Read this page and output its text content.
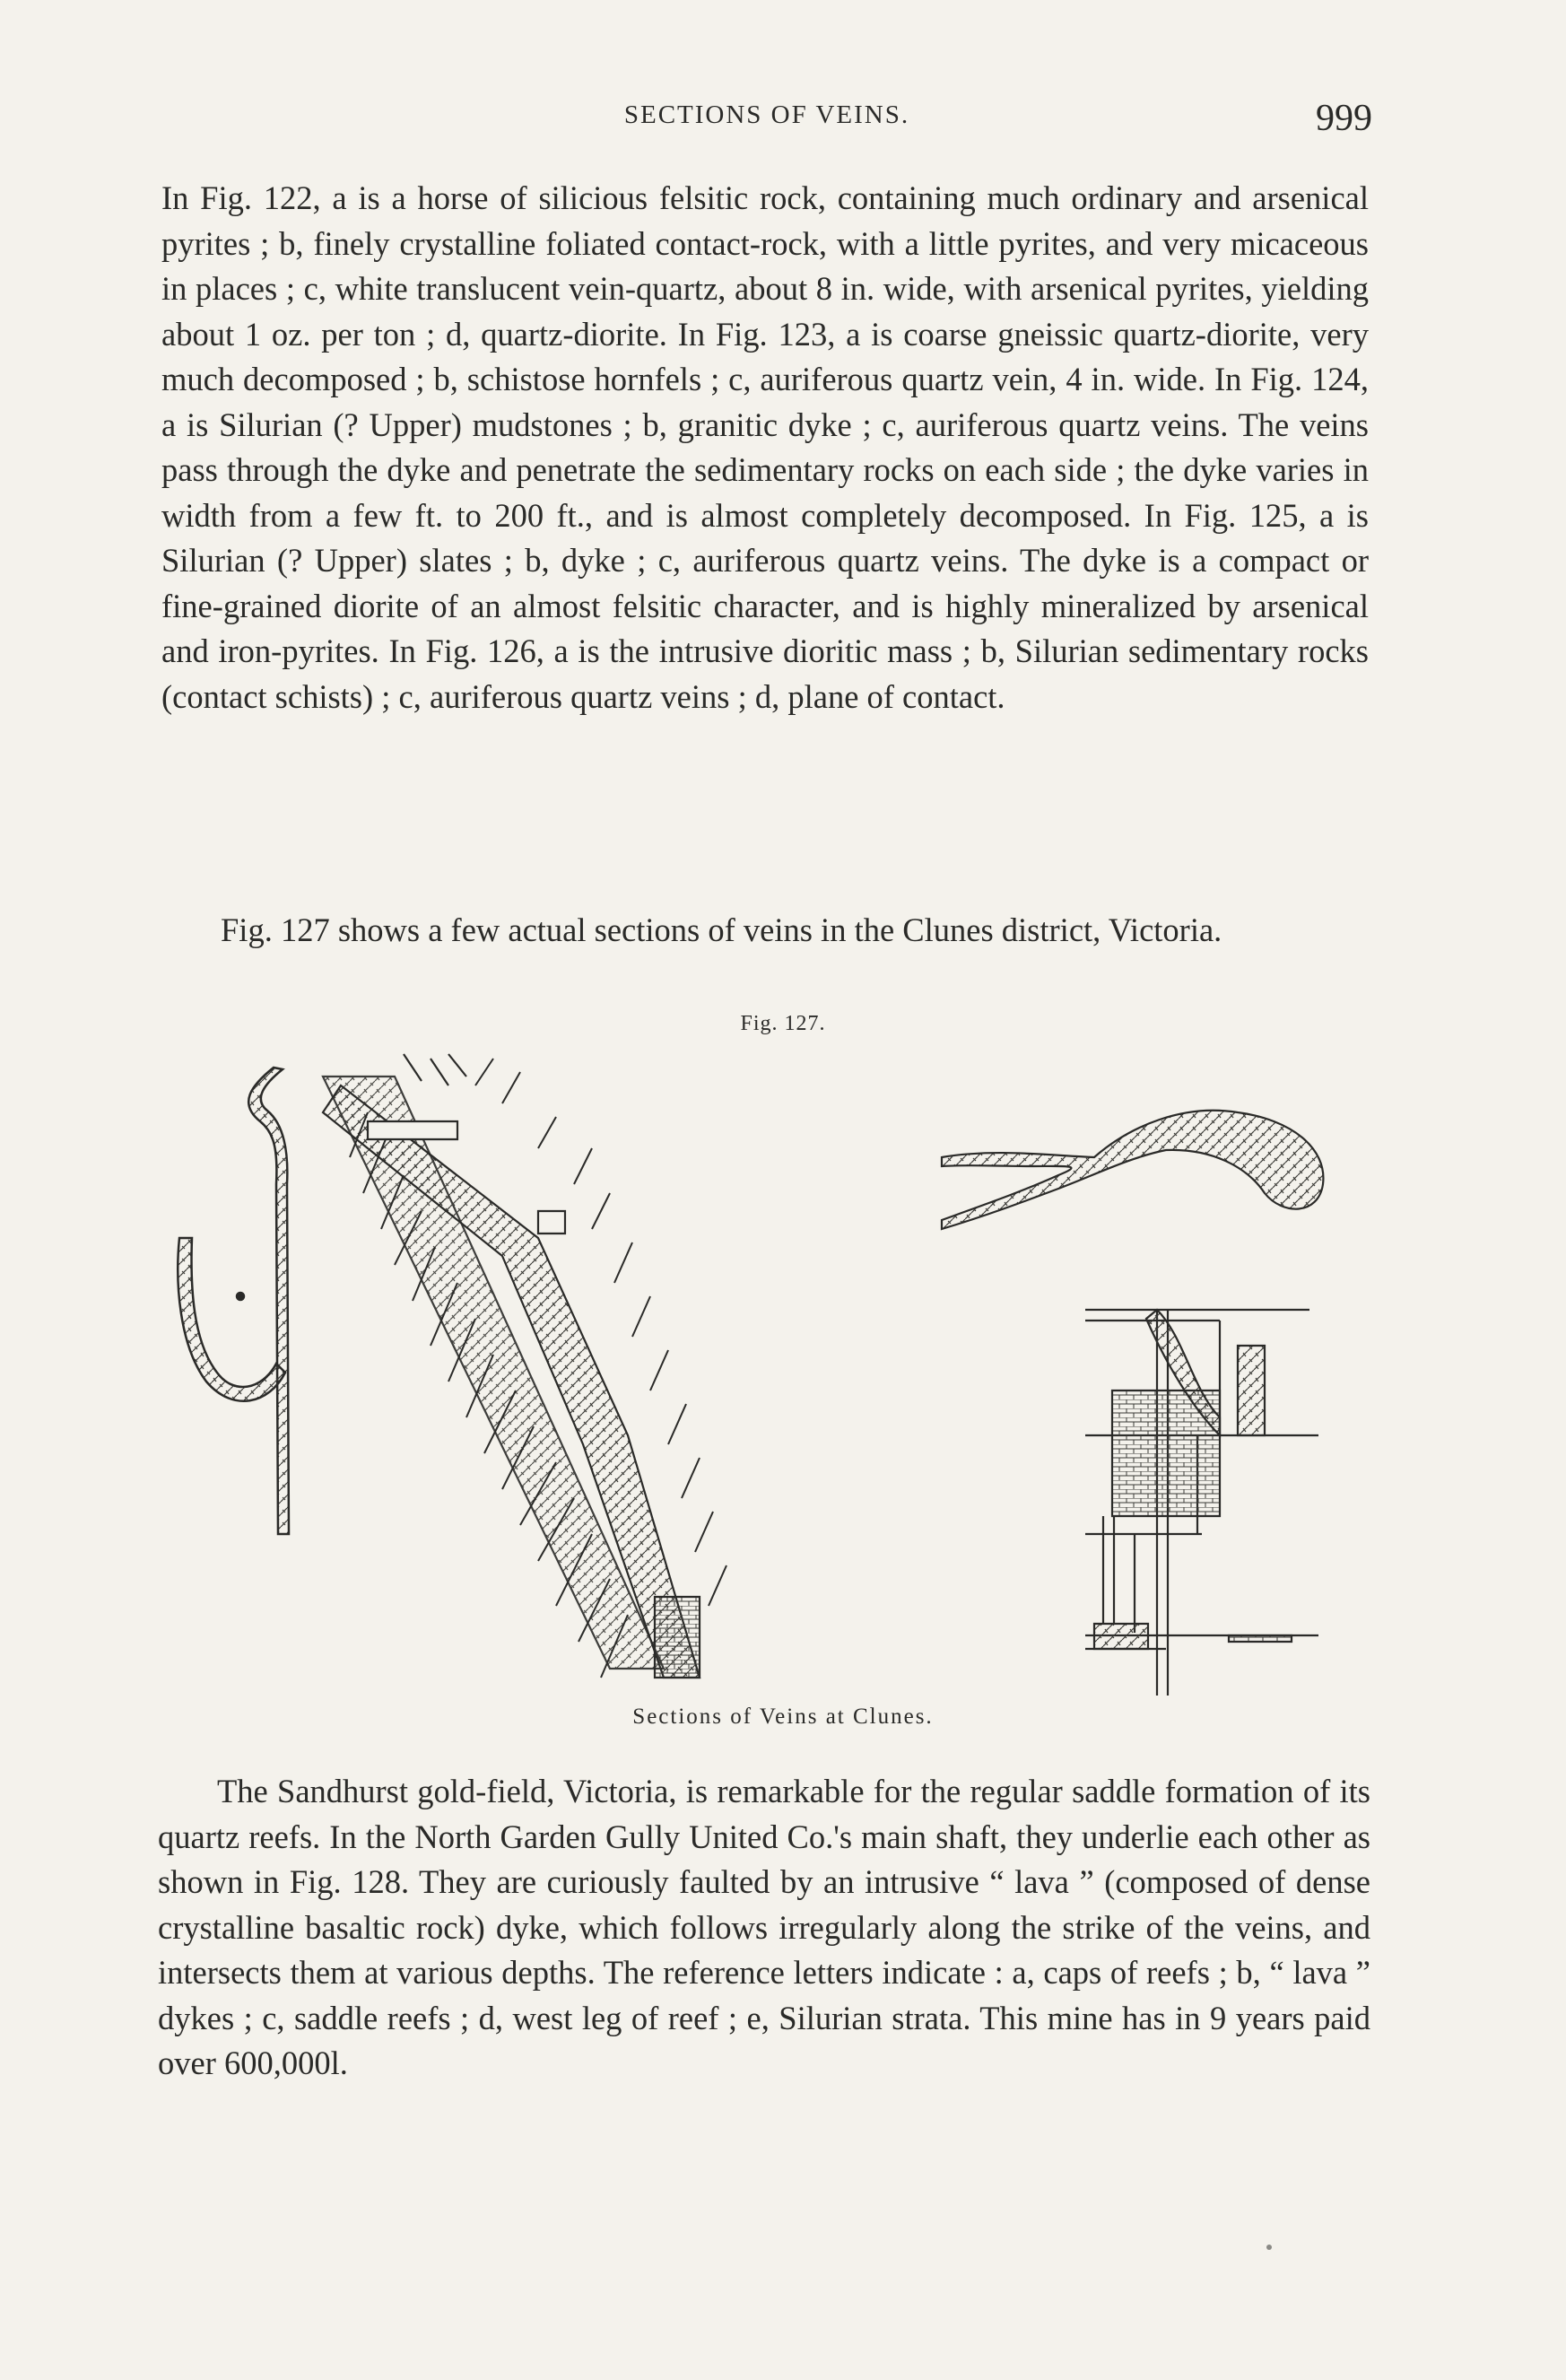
SECTIONS OF VEINS.	999

In Fig. 122, a is a horse of silicious felsitic rock, containing much ordinary and arsenical pyrites ; b, finely crystalline foliated contact-rock, with a little pyrites, and very micaceous in places ; c, white translucent vein-quartz, about 8 in. wide, with arsenical pyrites, yielding about 1 oz. per ton ; d, quartz-diorite. In Fig. 123, a is coarse gneissic quartz-diorite, very much decomposed ; b, schistose hornfels ; c, auriferous quartz vein, 4 in. wide. In Fig. 124, a is Silurian (? Upper) mudstones ; b, granitic dyke ; c, auriferous quartz veins. The veins pass through the dyke and penetrate the sedimentary rocks on each side ; the dyke varies in width from a few ft. to 200 ft., and is almost completely decomposed. In Fig. 125, a is Silurian (? Upper) slates ; b, dyke ; c, auriferous quartz veins. The dyke is a compact or fine-grained diorite of an almost felsitic character, and is highly mineralized by arsenical and iron-pyrites. In Fig. 126, a is the intrusive dioritic mass ; b, Silurian sedimentary rocks (contact schists) ; c, auriferous quartz veins ; d, plane of contact.

Fig. 127 shows a few actual sections of veins in the Clunes district, Victoria.

Fig. 127.
Sections of Veins at Clunes.

The Sandhurst gold-field, Victoria, is remarkable for the regular saddle formation of its quartz reefs. In the North Garden Gully United Co.'s main shaft, they underlie each other as shown in Fig. 128. They are curiously faulted by an intrusive “ lava ” (composed of dense crystalline basaltic rock) dyke, which follows irregularly along the strike of the veins, and intersects them at various depths. The reference letters indicate : a, caps of reefs ; b, “ lava ” dykes ; c, saddle reefs ; d, west leg of reef ; e, Silurian strata. This mine has in 9 years paid over 600,000l.
